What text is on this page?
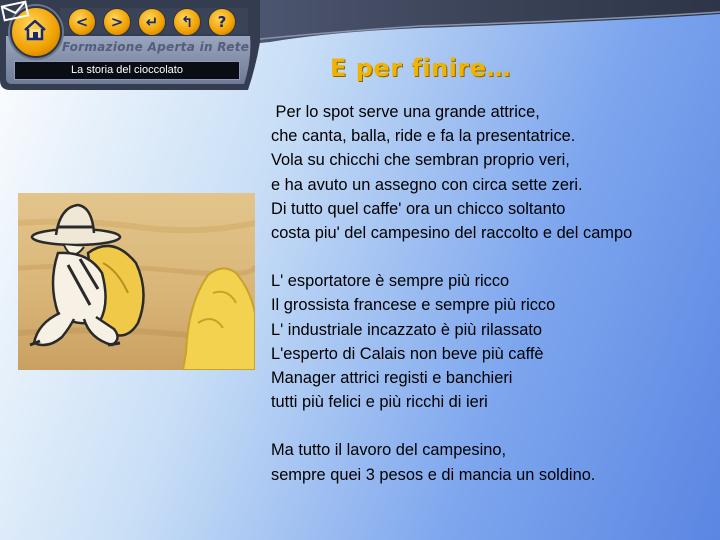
< > ↵ ↰ ?
Formazione Aperta in Rete
La storia del cioccolato	E per finire…

Per lo spot serve una grande attrice,
che canta, balla, ride e fa la presentatrice.
Vola su chicchi che sembran proprio veri,
e ha avuto un assegno con circa sette zeri.
Di tutto quel caffe' ora un chicco soltanto
costa piu' del campesino del raccolto e del campo

L' esportatore è sempre più ricco
Il grossista francese e sempre più ricco
L' industriale incazzato è più rilassato
L'esperto di Calais non beve più caffè
Manager attrici registi e banchieri
tutti più felici e più ricchi di ieri

Ma tutto il lavoro del campesino,
sempre quei 3 pesos e di mancia un soldino.
